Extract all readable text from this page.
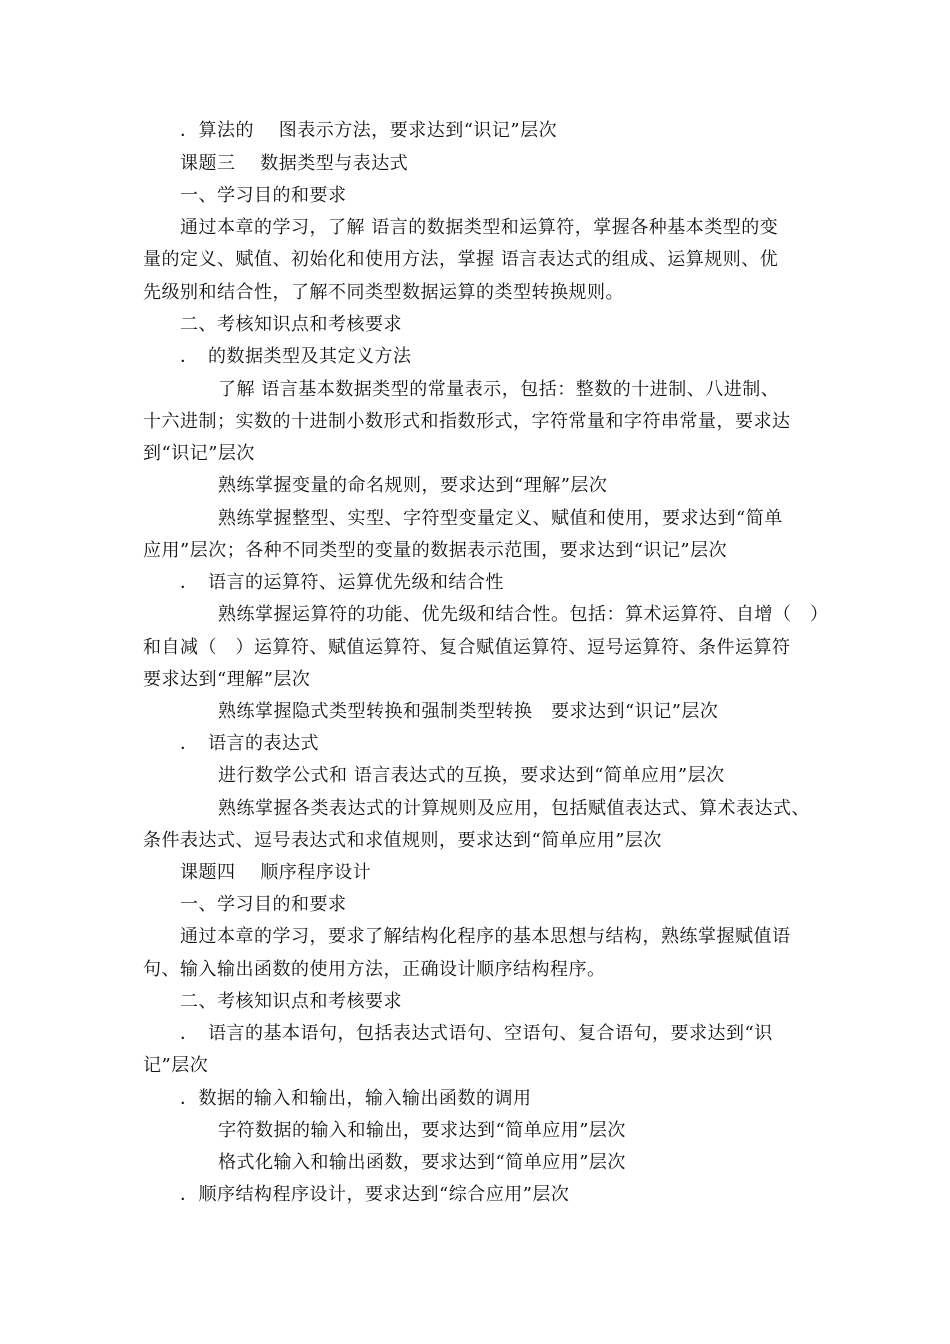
．算法的　 图表示方法，要求达到“识记”层次
课题三　 数据类型与表达式
一、学习目的和要求
通过本章的学习，了解 语言的数据类型和运算符，掌握各种基本类型的变
量的定义、赋值、初始化和使用方法，掌握 语言表达式的组成、运算规则、优
先级别和结合性，了解不同类型数据运算的类型转换规则。
二、考核知识点和考核要求
．　的数据类型及其定义方法
了解 语言基本数据类型的常量表示，包括：整数的十进制、八进制、
十六进制；实数的十进制小数形式和指数形式，字符常量和字符串常量，要求达
到“识记”层次
熟练掌握变量的命名规则，要求达到“理解”层次
熟练掌握整型、实型、字符型变量定义、赋值和使用，要求达到“简单
应用”层次；各种不同类型的变量的数据表示范围，要求达到“识记”层次
．　语言的运算符、运算优先级和结合性
熟练掌握运算符的功能、优先级和结合性。包括：算术运算符、自增（　）
和自减（　）运算符、赋值运算符、复合赋值运算符、逗号运算符、条件运算符
要求达到“理解”层次
熟练掌握隐式类型转换和强制类型转换　要求达到“识记”层次
．　语言的表达式
进行数学公式和 语言表达式的互换，要求达到“简单应用”层次
熟练掌握各类表达式的计算规则及应用，包括赋值表达式、算术表达式、
条件表达式、逗号表达式和求值规则，要求达到“简单应用”层次
课题四　 顺序程序设计
一、学习目的和要求
通过本章的学习，要求了解结构化程序的基本思想与结构，熟练掌握赋值语
句、输入输出函数的使用方法，正确设计顺序结构程序。
二、考核知识点和考核要求
．　语言的基本语句，包括表达式语句、空语句、复合语句，要求达到“识
记”层次
．数据的输入和输出，输入输出函数的调用
字符数据的输入和输出，要求达到“简单应用”层次
格式化输入和输出函数，要求达到“简单应用”层次
．顺序结构程序设计，要求达到“综合应用”层次
